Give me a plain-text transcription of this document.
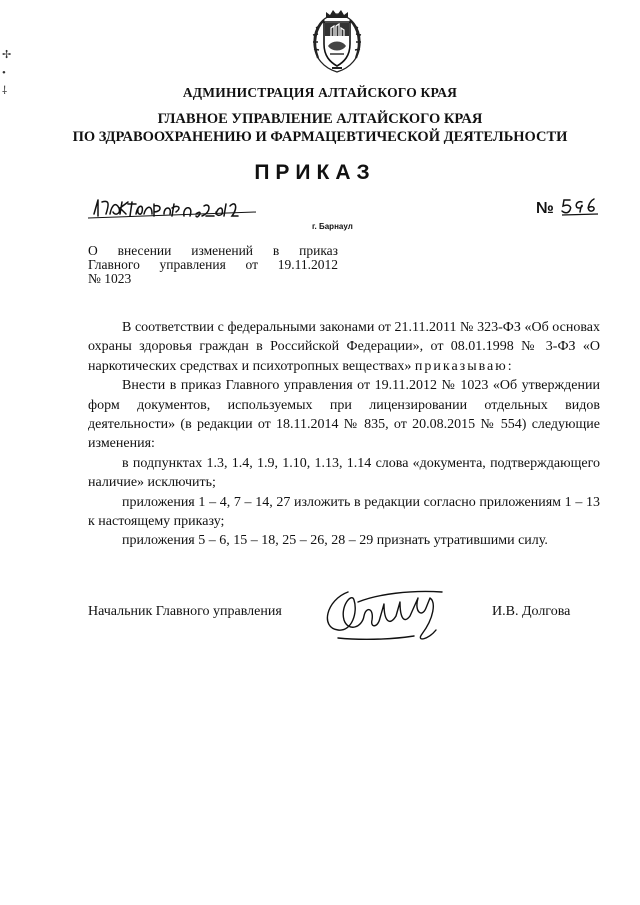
✢
•
⸸	АДМИНИСТРАЦИЯ АЛТАЙСКОГО КРАЯ
ГЛАВНОЕ УПРАВЛЕНИЕ АЛТАЙСКОГО КРАЯ
ПО ЗДРАВООХРАНЕНИЮ И ФАРМАЦЕВТИЧЕСКОЙ ДЕЯТЕЛЬНОСТИ
ПРИКАЗ
г. Барнаул
№
О внесении изменений в приказ
Главного управления от 19.11.2012
№ 1023

В соответствии с федеральными законами от 21.11.2011 № 323-ФЗ «Об основах охраны здоровья граждан в Российской Федерации», от 08.01.1998 № 3-ФЗ «О наркотических средствах и психотропных веществах» приказываю:

Внести в приказ Главного управления от 19.11.2012 № 1023 «Об утверждении форм документов, используемых при лицензировании отдельных видов деятельности» (в редакции от 18.11.2014 № 835, от 20.08.2015 № 554) следующие изменения:

в подпунктах 1.3, 1.4, 1.9, 1.10, 1.13, 1.14 слова «документа, подтверждающего наличие» исключить;

приложения 1 – 4, 7 – 14, 27 изложить в редакции согласно приложениям 1 – 13 к настоящему приказу;

приложения 5 – 6, 15 – 18, 25 – 26, 28 – 29 признать утратившими силу.

Начальник Главного управления	И.В. Долгова
